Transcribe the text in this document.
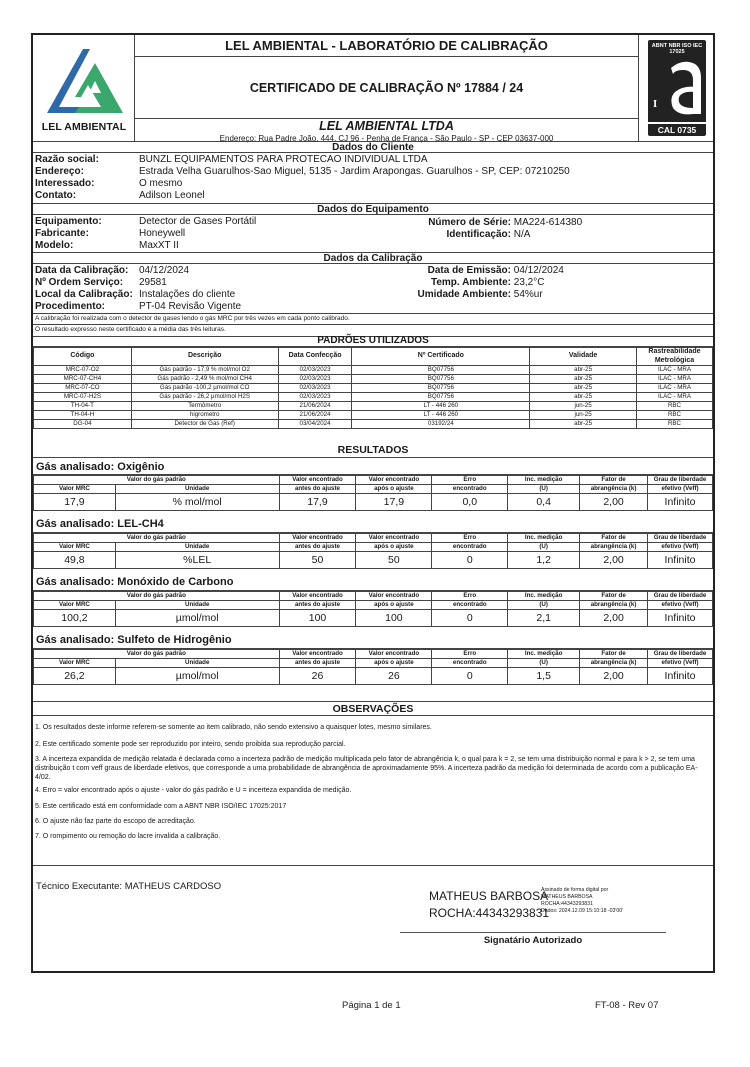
LEL AMBIENTAL
LEL AMBIENTAL - LABORATÓRIO DE CALIBRAÇÃO
CERTIFICADO DE CALIBRAÇÃO Nº 17884 / 24
LEL AMBIENTAL LTDA
Endereço: Rua Padre João, 444, CJ 96 - Penha de França - São Paulo - SP - CEP 03637-000
ABNT NBR ISO IEC 17025
I
CAL 0735
Dados do Cliente
Razão social:	BUNZL EQUIPAMENTOS PARA PROTECAO INDIVIDUAL LTDA
Endereço:	Estrada Velha Guarulhos-Sao Miguel, 5135 - Jardim Arapongas. Guarulhos - SP, CEP: 07210250
Interessado:	O mesmo
Contato:	Adilson Leonel
Dados do Equipamento
Equipamento:	Detector de Gases Portátil
Fabricante:	Honeywell
Modelo:	MaxXT II
Número de Série: MA224-614380
Identificação: N/A
Dados da Calibração
Data da Calibração: 04/12/2024
Nº Ordem Serviço: 29581
Local da Calibração: Instalações do cliente
Procedimento:	PT-04 Revisão Vigente
Data de Emissão: 04/12/2024
Temp. Ambiente: 23,2°C
Umidade Ambiente: 54%ur
A calibração foi realizada com o detector de gases lendo o gás MRC por três vezes em cada ponto calibrado.
O resultado expresso neste certificado é a média das três leituras.
PADRÕES UTILIZADOS
Código	Descrição	Data Confecção	Nº Certificado	Validade	Rastreabilidade Metrológica
MRC-07-O2	Gás padrão - 17,9 % mol/mol O2	02/03/2023	BQ07756	abr-25	ILAC - MRA
MRC-07-CH4	Gás padrão - 2,49 % mol/mol CH4	02/03/2023	BQ07756	abr-25	ILAC - MRA
MRC-07-CO	Gás padrão -100,2 µmol/mol CO	02/03/2023	BQ07756	abr-25	ILAC - MRA
MRC-07-H2S	Gás padrão - 26,2 µmol/mol H2S	02/03/2023	BQ07756	abr-25	ILAC - MRA
TH-04-T	Termômetro	21/06/2024	LT - 446 260	jun-25	RBC
TH-04-H	higrometro	21/06/2024	LT - 446 260	jun-25	RBC
DG-04	Detector de Gas (Ref)	03/04/2024	03192/24	abr-25	RBC
RESULTADOS
Gás analisado: Oxigênio
Valor do gás padrão		Valor encontrado	Valor encontrado	Erro	Inc. medição	Fator de	Grau de liberdade
Valor MRC	Unidade	antes do ajuste	após o ajuste	encontrado	(U)	abrangência (k)	efetivo (Veff)
17,9	% mol/mol	17,9	17,9	0,0	0,4	2,00	Infinito
Gás analisado: LEL-CH4
Valor do gás padrão		Valor encontrado	Valor encontrado	Erro	Inc. medição	Fator de	Grau de liberdade
Valor MRC	Unidade	antes do ajuste	após o ajuste	encontrado	(U)	abrangência (k)	efetivo (Veff)
49,8	%LEL	50	50	0	1,2	2,00	Infinito
Gás analisado: Monóxido de Carbono
Valor do gás padrão		Valor encontrado	Valor encontrado	Erro	Inc. medição	Fator de	Grau de liberdade
Valor MRC	Unidade	antes do ajuste	após o ajuste	encontrado	(U)	abrangência (k)	efetivo (Veff)
100,2	µmol/mol	100	100	0	2,1	2,00	Infinito
Gás analisado: Sulfeto de Hidrogênio
Valor do gás padrão		Valor encontrado	Valor encontrado	Erro	Inc. medição	Fator de	Grau de liberdade
Valor MRC	Unidade	antes do ajuste	após o ajuste	encontrado	(U)	abrangência (k)	efetivo (Veff)
26,2	µmol/mol	26	26	0	1,5	2,00	Infinito
OBSERVAÇÕES
1. Os resultados deste informe referem-se somente ao item calibrado, não sendo extensivo a quaisquer lotes, mesmo similares.
2. Este certificado somente pode ser reproduzido por inteiro, sendo proibida sua reprodução parcial.
3. A incerteza expandida de medição relatada é declarada como a incerteza padrão de medição multiplicada pelo fator de abrangência k, o qual para k = 2, se tem uma distribuição normal e para k > 2, se tem uma distribuição t com veff graus de liberdade efetivos, que corresponde a uma probabilidade de abrangência de aproximadamente 95%. A incerteza padrão da medição foi determinada de acordo com a publicação EA-4/02.
4. Erro = valor encontrado após o ajuste - valor do gás padrão e U = incerteza expandida de medição.
5. Este certificado está em conformidade com a ABNT NBR ISO/IEC 17025:2017
6. O ajuste não faz parte do escopo de acreditação.
7. O rompimento ou remoção do lacre invalida a calibração.
Técnico Executante: MATHEUS CARDOSO
MATHEUS BARBOSA
ROCHA:44343293831
Assinado de forma digital por
MATHEUS BARBOSA
ROCHA:44343293831
Dados: 2024.12.09 15:10:18 -03'00'
Signatário Autorizado
Página 1 de 1	FT-08 - Rev 07
